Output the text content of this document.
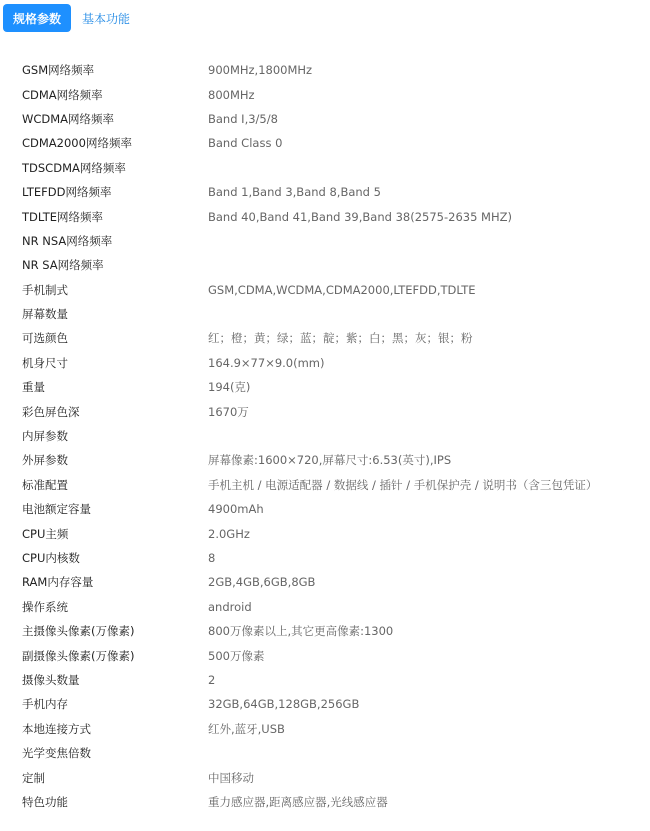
规格参数	基本功能
GSM网络频率	900MHz,1800MHz
CDMA网络频率	800MHz
WCDMA网络频率	Band Ⅰ,3/5/8
CDMA2000网络频率	Band Class 0
TDSCDMA网络频率
LTEFDD网络频率	Band 1,Band 3,Band 8,Band 5
TDLTE网络频率	Band 40,Band 41,Band 39,Band 38(2575-2635 MHZ)
NR NSA网络频率
NR SA网络频率
手机制式	GSM,CDMA,WCDMA,CDMA2000,LTEFDD,TDLTE
屏幕数量
可选颜色	红；橙；黄；绿；蓝；靛；紫；白；黑；灰；银；粉
机身尺寸	164.9×77×9.0(mm)
重量	194(克)
彩色屏色深	1670万
内屏参数
外屏参数	屏幕像素:1600×720,屏幕尺寸:6.53(英寸),IPS
标准配置	手机主机 / 电源适配器 / 数据线 / 插针 / 手机保护壳 / 说明书（含三包凭证）
电池额定容量	4900mAh
CPU主频	2.0GHz
CPU内核数	8
RAM内存容量	2GB,4GB,6GB,8GB
操作系统	android
主摄像头像素(万像素)	800万像素以上,其它更高像素:1300
副摄像头像素(万像素)	500万像素
摄像头数量	2
手机内存	32GB,64GB,128GB,256GB
本地连接方式	红外,蓝牙,USB
光学变焦倍数
定制	中国移动
特色功能	重力感应器,距离感应器,光线感应器
